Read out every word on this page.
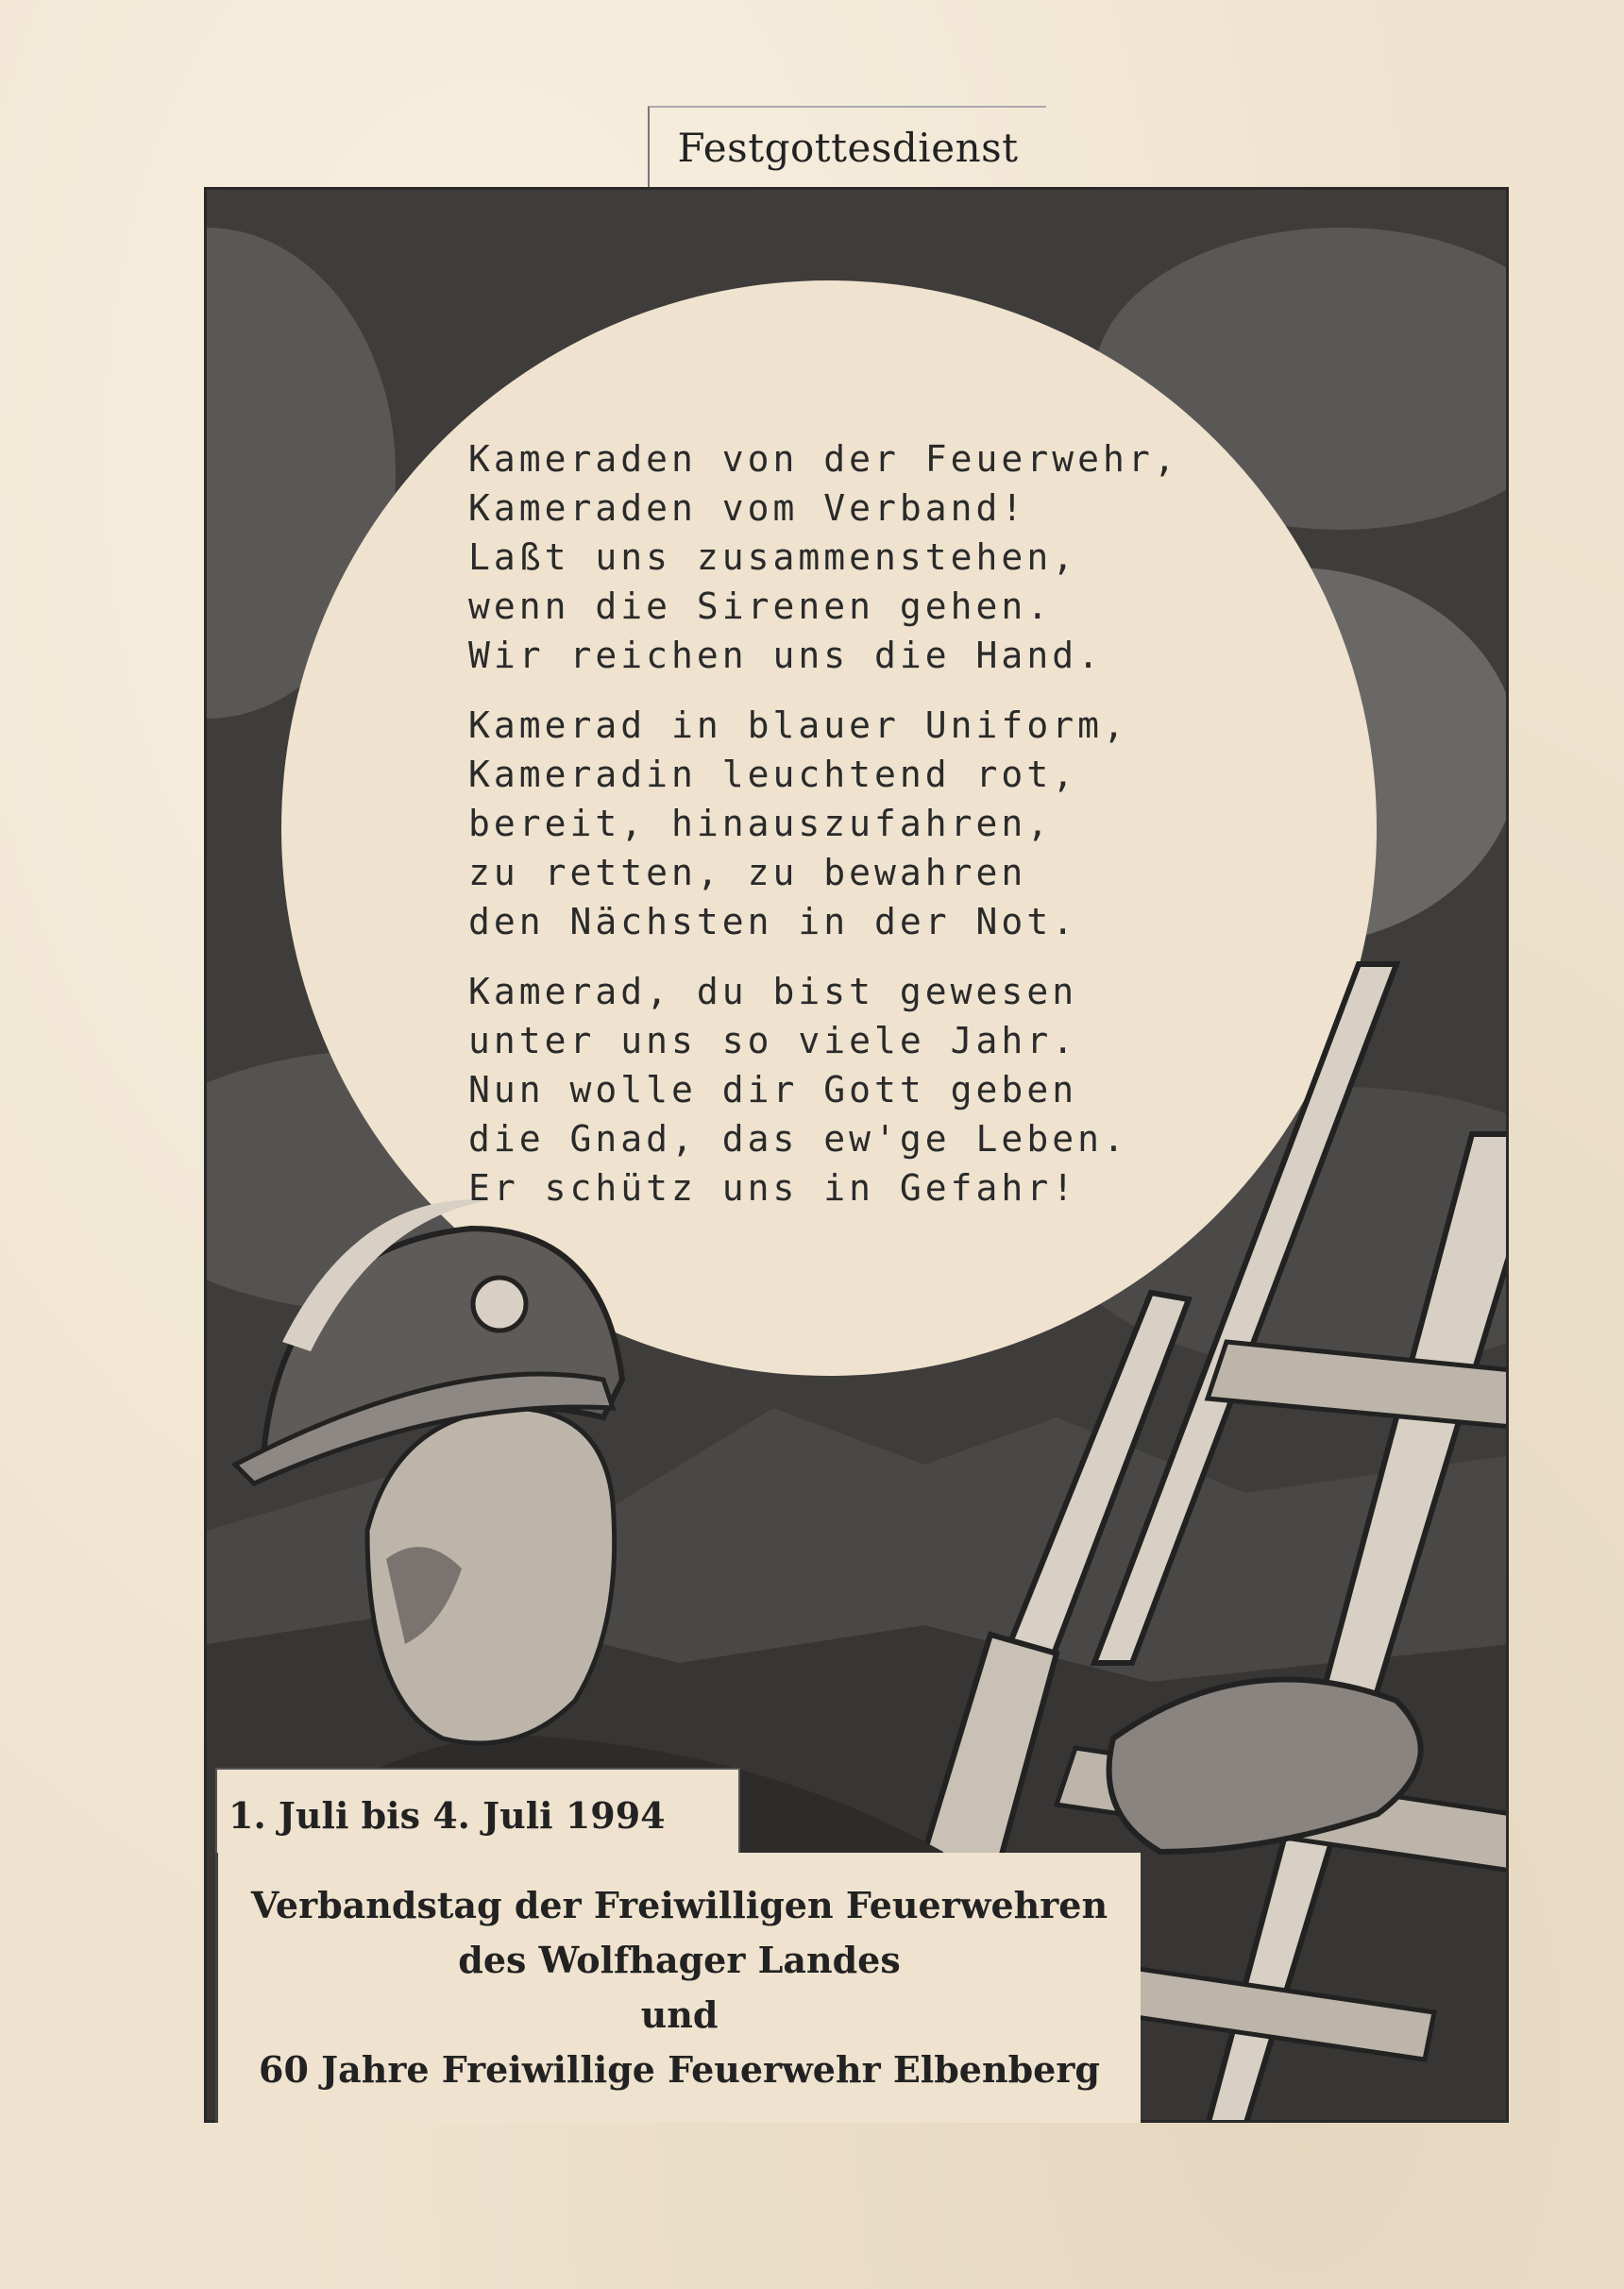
Festgottesdienst
Kameraden von der Feuerwehr,
Kameraden vom Verband!
Laßt uns zusammenstehen,
wenn die Sirenen gehen.
Wir reichen uns die Hand.
Kamerad in blauer Uniform,
Kameradin leuchtend rot,
bereit, hinauszufahren,
zu retten, zu bewahren
den Nächsten in der Not.
Kamerad, du bist gewesen
unter uns so viele Jahr.
Nun wolle dir Gott geben
die Gnad, das ew'ge Leben.
Er schütz uns in Gefahr!
1. Juli bis 4. Juli 1994
Verbandstag der Freiwilligen Feuerwehren
des Wolfhager Landes
und
60 Jahre Freiwillige Feuerwehr Elbenberg
